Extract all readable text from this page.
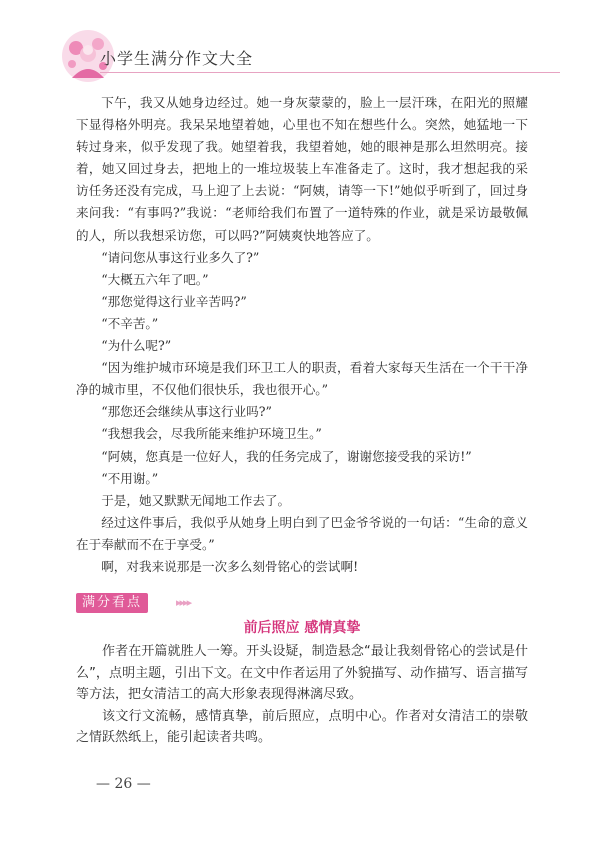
小学生满分作文大全

下午，我又从她身边经过。她一身灰蒙蒙的，脸上一层汗珠，在阳光的照耀下显得格外明亮。我呆呆地望着她，心里也不知在想些什么。突然，她猛地一下转过身来，似乎发现了我。她望着我，我望着她，她的眼神是那么坦然明亮。接着，她又回过身去，把地上的一堆垃圾装上车准备走了。这时，我才想起我的采访任务还没有完成，马上迎了上去说：“阿姨，请等一下!”她似乎听到了，回过身来问我：“有事吗?”我说：“老师给我们布置了一道特殊的作业，就是采访最敬佩的人，所以我想采访您，可以吗?”阿姨爽快地答应了。

“请问您从事这行业多久了?”

“大概五六年了吧。”

“那您觉得这行业辛苦吗?”

“不辛苦。”

“为什么呢?”

“因为维护城市环境是我们环卫工人的职责，看着大家每天生活在一个干干净净的城市里，不仅他们很快乐，我也很开心。”

“那您还会继续从事这行业吗?”

“我想我会，尽我所能来维护环境卫生。”

“阿姨，您真是一位好人，我的任务完成了，谢谢您接受我的采访!”

“不用谢。”

于是，她又默默无闻地工作去了。

经过这件事后，我似乎从她身上明白到了巴金爷爷说的一句话：“生命的意义在于奉献而不在于享受。”

啊，对我来说那是一次多么刻骨铭心的尝试啊!

满分看点	▸▸▸▸
前后照应 感情真挚

作者在开篇就胜人一筹。开头设疑，制造悬念“最让我刻骨铭心的尝试是什么”，点明主题，引出下文。在文中作者运用了外貌描写、动作描写、语言描写等方法，把女清洁工的高大形象表现得淋漓尽致。

该文行文流畅，感情真挚，前后照应，点明中心。作者对女清洁工的崇敬之情跃然纸上，能引起读者共鸣。

— 26 —
